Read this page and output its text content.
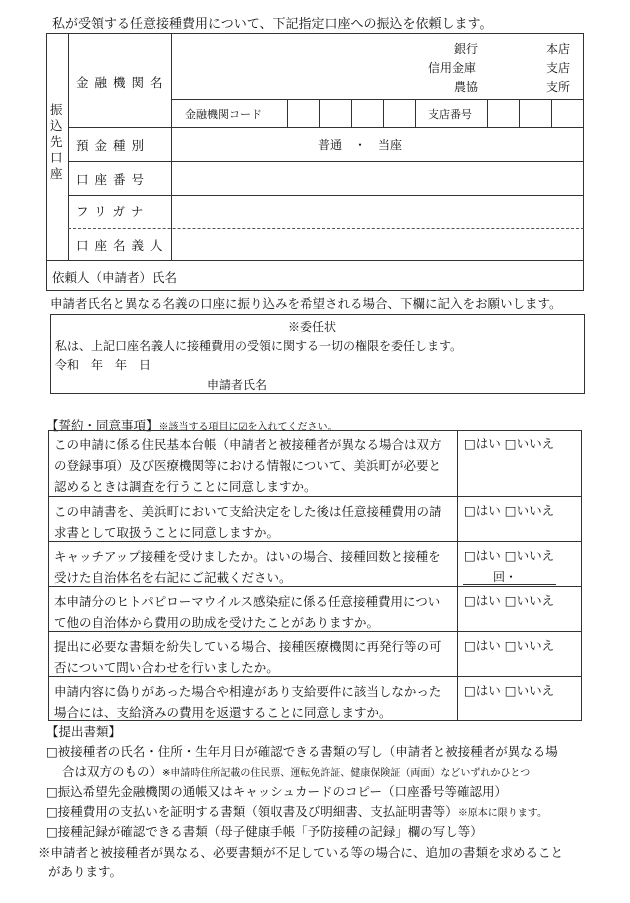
私が受領する任意接種費用について、下記指定口座への振込を依頼します。
振
込
先
口
座
金融機関名
銀行
信用金庫
農協
本店
支店
支所
金融機関コード	支店番号
預金種別	普通　・　当座
口座番号
フリガナ
口座名義人
依頼人（申請者）氏名
申請者氏名と異なる名義の口座に振り込みを希望される場合、下欄に記入をお願いします。
※委任状
私は、上記口座名義人に接種費用の受領に関する一切の権限を委任します。
令和　年　年　日
申請者氏名
【誓約・同意事項】※該当する項目に☑を入れてください。
この申請に係る住民基本台帳（申請者と被接種者が異なる場合は双方の登録事項）及び医療機関等における情報について、美浜町が必要と認めるときは調査を行うことに同意しますか。
□はい □いいえ
この申請書を、美浜町において支給決定をした後は任意接種費用の請求書として取扱うことに同意しますか。
□はい □いいえ
キャッチアップ接種を受けましたか。はいの場合、接種回数と接種を受けた自治体名を右記にご記載ください。
□はい □いいえ
回・
本申請分のヒトパピローマウイルス感染症に係る任意接種費用について他の自治体から費用の助成を受けたことがありますか。
□はい □いいえ
提出に必要な書類を紛失している場合、接種医療機関に再発行等の可否について問い合わせを行いましたか。
□はい □いいえ
申請内容に偽りがあった場合や相違があり支給要件に該当しなかった場合には、支給済みの費用を返還することに同意しますか。
□はい □いいえ
【提出書類】
□被接種者の氏名・住所・生年月日が確認できる書類の写し（申請者と被接種者が異なる場
合は双方のもの）※申請時住所記載の住民票、運転免許証、健康保険証（両面）などいずれかひとつ
□振込希望先金融機関の通帳又はキャッシュカードのコピー（口座番号等確認用）
□接種費用の支払いを証明する書類（領収書及び明細書、支払証明書等）※原本に限ります。
□接種記録が確認できる書類（母子健康手帳「予防接種の記録」欄の写し等）
※申請者と被接種者が異なる、必要書類が不足している等の場合に、追加の書類を求めること
があります。
